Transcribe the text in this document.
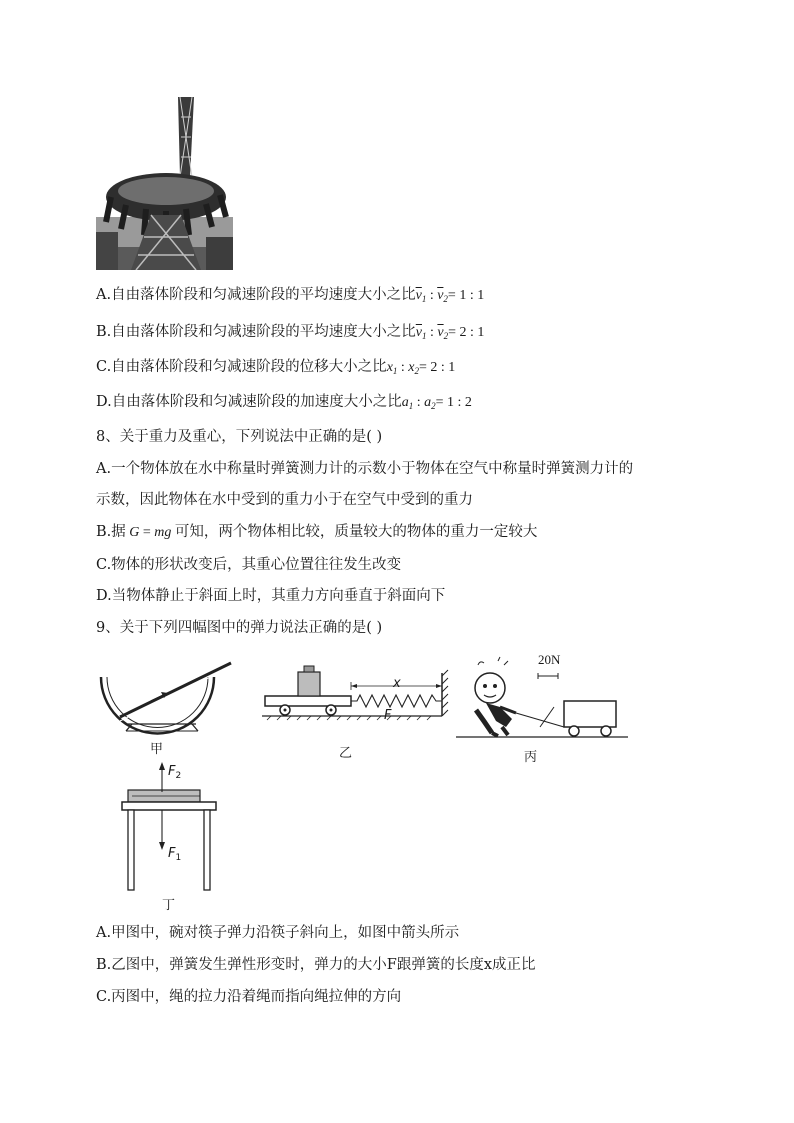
A.自由落体阶段和匀减速阶段的平均速度大小之比$\overline{v}_1$ : $\overline{v}_2= 1$ : 1
B.自由落体阶段和匀减速阶段的平均速度大小之比$\overline{v}_1$ : $\overline{v}_2= 2$ : 1
C.自由落体阶段和匀减速阶段的位移大小之比$x_1$ : $x_2= 2$ : 1
D.自由落体阶段和匀减速阶段的加速度大小之比$a_1$ : $a_2= 1$ : 2
8、关于重力及重心，下列说法中正确的是( )
A.一个物体放在水中称量时弹簧测力计的示数小于物体在空气中称量时弹簧测力计的
示数，因此物体在水中受到的重力小于在空气中受到的重力
B.据 G = mg 可知，两个物体相比较，质量较大的物体的重力一定较大
C.物体的形状改变后，其重心位置往往发生改变
D.当物体静止于斜面上时，其重力方向垂直于斜面向下
9、关于下列四幅图中的弹力说法正确的是( )
甲
x
F
乙
20N
丙
$F_2$
$F_1$
丁
A.甲图中，碗对筷子弹力沿筷子斜向上，如图中箭头所示
B.乙图中，弹簧发生弹性形变时，弹力的大小F跟弹簧的长度x成正比
C.丙图中，绳的拉力沿着绳而指向绳拉伸的方向
